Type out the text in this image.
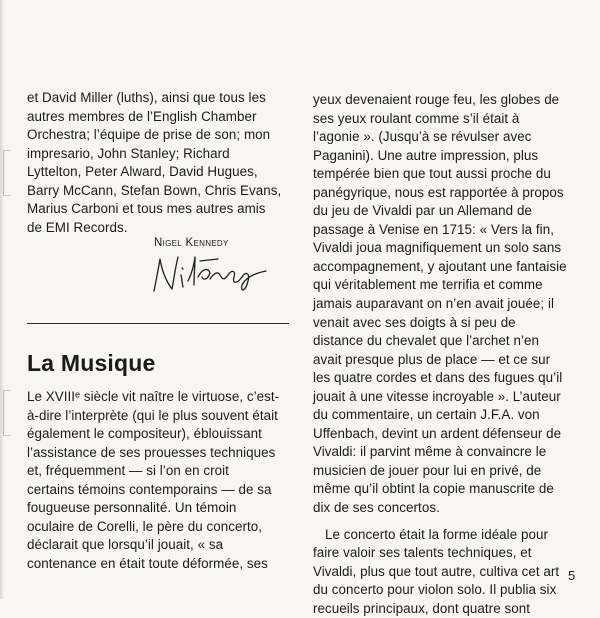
et David Miller (luths), ainsi que tous les
autres membres de l’English Chamber
Orchestra; l’équipe de prise de son; mon
impresario, John Stanley; Richard
Lyttelton, Peter Alward, David Hugues,
Barry McCann, Stefan Bown, Chris Evans,
Marius Carboni et tous mes autres amis
de EMI Records.
Nigel Kennedy
La Musique
Le XVIIIᵉ siècle vit naître le virtuose, c’est-
à-dire l’interprète (qui le plus souvent était
également le compositeur), éblouissant
l’assistance de ses prouesses techniques
et, fréquemment — si l’on en croit
certains témoins contemporains — de sa
fougueuse personnalité. Un témoin
oculaire de Corelli, le père du concerto,
déclarait que lorsqu’il jouait, « sa
contenance en était toute déformée, ses

yeux devenaient rouge feu, les globes de
ses yeux roulant comme s’il était à
l’agonie ». (Jusqu’à se révulser avec
Paganini). Une autre impression, plus
tempérée bien que tout aussi proche du
panégyrique, nous est rapportée à propos
du jeu de Vivaldi par un Allemand de
passage à Venise en 1715: « Vers la fin,
Vivaldi joua magnifiquement un solo sans
accompagnement, y ajoutant une fantaisie
qui véritablement me terrifia et comme
jamais auparavant on n’en avait jouée; il
venait avec ses doigts à si peu de
distance du chevalet que l’archet n’en
avait presque plus de place — et ce sur
les quatre cordes et dans des fugues qu’il
jouait à une vitesse incroyable ». L’auteur
du commentaire, un certain J.F.A. von
Uffenbach, devint un ardent défenseur de
Vivaldi: il parvint même à convaincre le
musicien de jouer pour lui en privé, de
même qu’il obtint la copie manuscrite de
dix de ses concertos.

Le concerto était la forme idéale pour
faire valoir ses talents techniques, et
Vivaldi, plus que tout autre, cultiva cet art
du concerto pour violon solo. Il publia six
recueils principaux, dont quatre sont

5
